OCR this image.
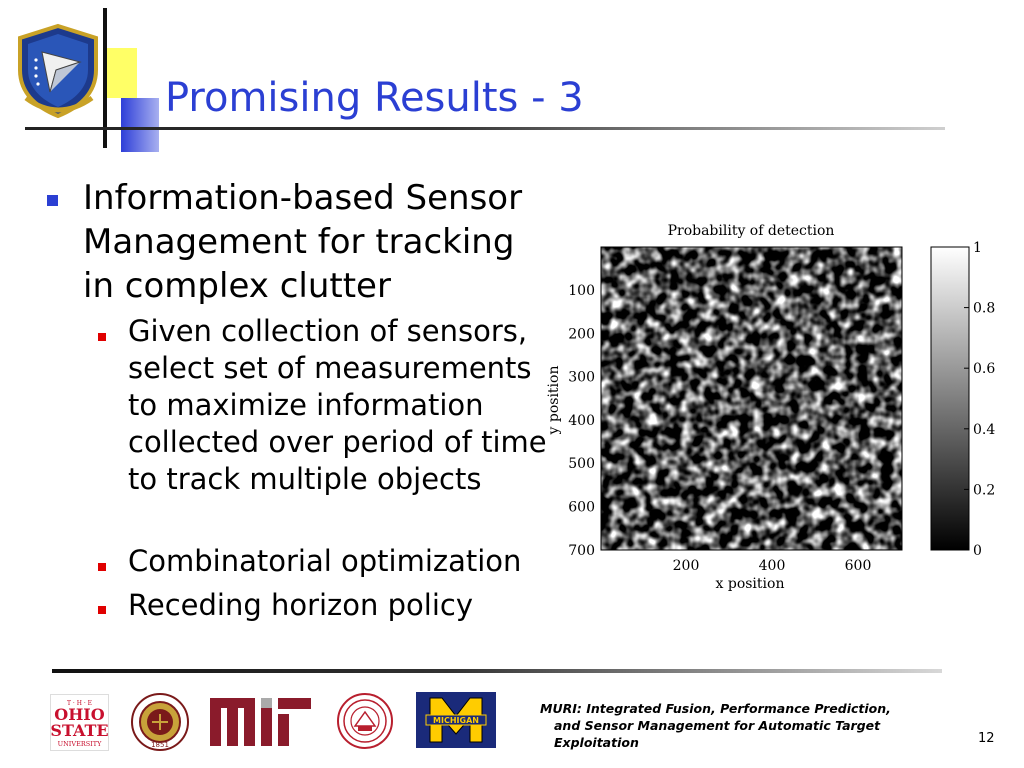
Promising Results - 3
Information-based Sensor Management for tracking in complex clutter
Given collection of sensors, select set of measurements to maximize information collected over period of time to track multiple objects
Combinatorial optimization
Receding horizon policy
Probability of detection
100
200
300
400
500
600
700
200	400	600
y position
x position
0
0.2
0.4
0.6
0.8
1
T · H · E
OHIO
STATE
UNIVERSITY	1851
MICHIGAN
MURI: Integrated Fusion, Performance Prediction,
and Sensor Management for Automatic Target
Exploitation	12
